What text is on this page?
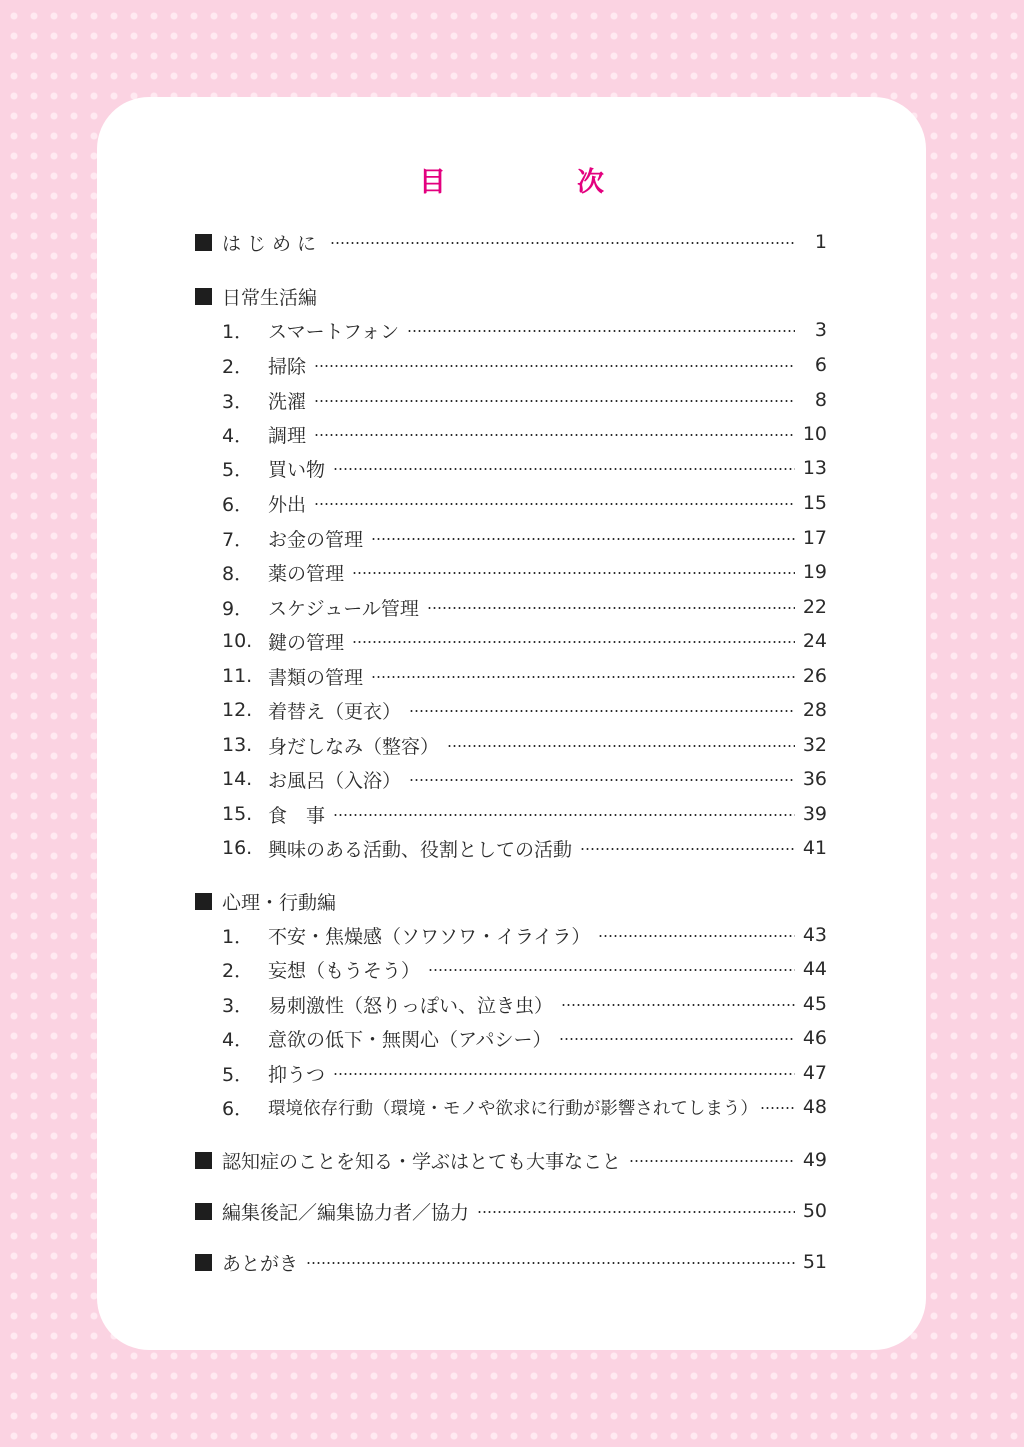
目　次
はじめに	1
日常生活編
1． スマートフォン	3
2． 掃除	6
3． 洗濯	8
4． 調理	10
5． 買い物	13
6． 外出	15
7． お金の管理	17
8． 薬の管理	19
9． スケジュール管理	22
10. 鍵の管理	24
11. 書類の管理	26
12. 着替え（更衣）	28
13. 身だしなみ（整容）	32
14. お風呂（入浴）	36
15. 食　事	39
16. 興味のある活動、役割としての活動	41
心理・行動編
1． 不安・焦燥感（ソワソワ・イライラ）	43
2． 妄想（もうそう）	44
3． 易刺激性（怒りっぽい、泣き虫）	45
4． 意欲の低下・無関心（アパシー）	46
5． 抑うつ	47
6． 環境依存行動（環境・モノや欲求に行動が影響されてしまう）	48
認知症のことを知る・学ぶはとても大事なこと	49
編集後記／編集協力者／協力	50
あとがき	51
